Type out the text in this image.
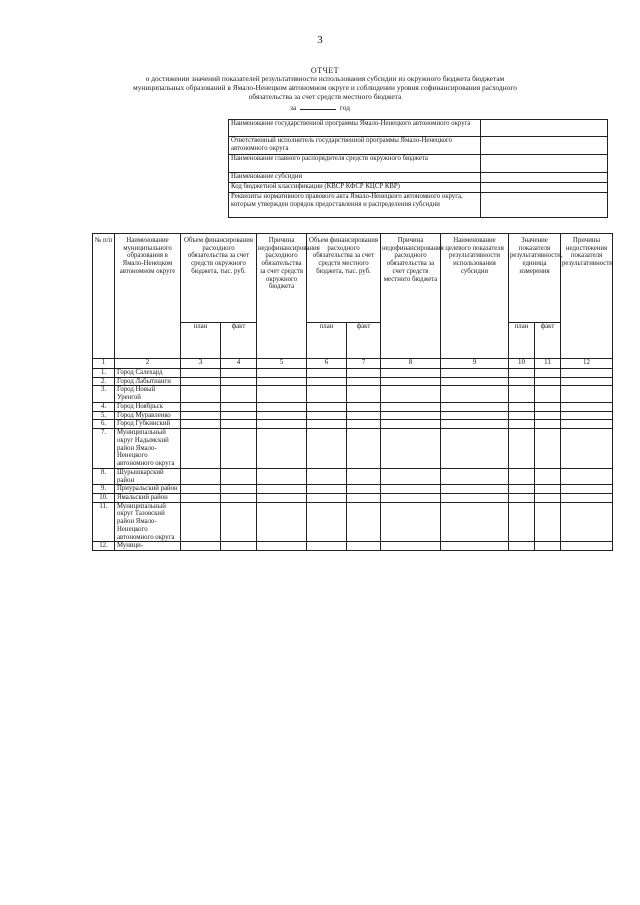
3
ОТЧЕТ
о достижении значений показателей результативности использования субсидии из окружного бюджета бюджетам
муниципальных образований в Ямало-Ненецком автономном округе и соблюдении уровня софинансирования расходного
обязательства за счет средств местного бюджета
за	год
Наименование государственной программы Ямало-Ненецкого автономного округа	
Ответственный исполнитель государственной программы Ямало-Ненецкого автономного округа	
Наименование главного распорядителя средств окружного бюджета	
Наименование субсидии	
Код бюджетной классификации (КВСР КФСР КЦСР КВР)	
Реквизиты нормативного правового акта Ямало-Ненецкого автономного округа, которым утвержден порядок предоставления и распределения субсидии	
№ п/п	Наименование муниципального образования в Ямало-Ненецком автономном округе	Объем финансирования расходного обязательства за счет средств окружного бюджета, тыс. руб.		Причина недофинансирования расходного обязательства за счет средств окружного бюджета	Объем финансирования расходного обязательства за счет средств местного бюджета, тыс. руб.		Причина недофинансирования расходного обязательства за счет средств местного бюджета	Наименование целевого показателя результативности использования субсидии	Значение показателя результативности, единица измерения		Причины недостижения показателя результативности
		план	факт		план	факт			план	факт	
1	2	3	4	5	6	7	8	9	10	11	12
1.	Город Салехард										
2.	Город Лабытнанги										
3.	Город Новый Уренгой										
4.	Город Ноябрьск										
5.	Город Муравленко										
6.	Город Губкинский										
7.	Муниципальный округ Надымский район Ямало-Ненецкого автономного округа										
8.	Шурышкарский район										
9.	Приуральский район										
10.	Ямальский район										
11.	Муниципальный округ Тазовский район Ямало-Ненецкого автономного округа										
12.	Муници-										
